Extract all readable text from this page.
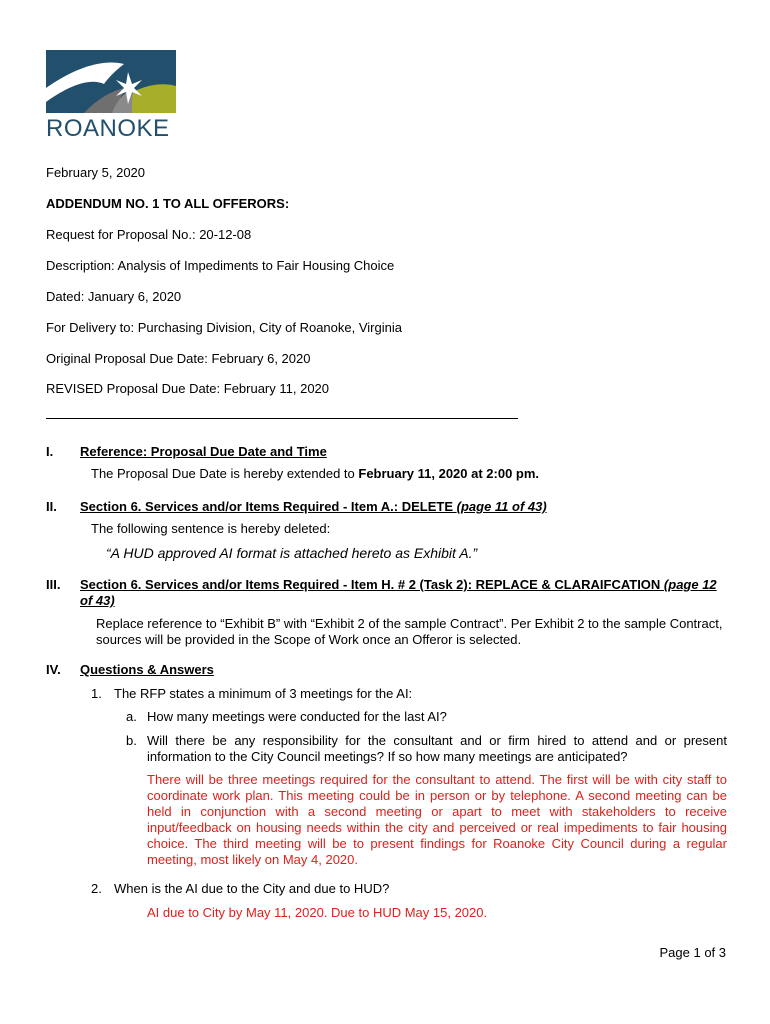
ROANOKE
February 5, 2020
ADDENDUM NO. 1 TO ALL OFFERORS:
Request for Proposal No.: 20-12-08
Description: Analysis of Impediments to Fair Housing Choice
Dated: January 6, 2020
For Delivery to: Purchasing Division, City of Roanoke, Virginia
Original Proposal Due Date: February 6, 2020
REVISED Proposal Due Date: February 11, 2020
I. Reference: Proposal Due Date and Time
The Proposal Due Date is hereby extended to February 11, 2020 at 2:00 pm.
II. Section 6. Services and/or Items Required - Item A.: DELETE (page 11 of 43)
The following sentence is hereby deleted:
“A HUD approved AI format is attached hereto as Exhibit A.”
III. Section 6. Services and/or Items Required - Item H. # 2 (Task 2): REPLACE & CLARAIFCATION (page 12 of 43)
Replace reference to “Exhibit B” with “Exhibit 2 of the sample Contract”. Per Exhibit 2 to the sample Contract, sources will be provided in the Scope of Work once an Offeror is selected.
IV. Questions & Answers
1. The RFP states a minimum of 3 meetings for the AI:
a. How many meetings were conducted for the last AI?
b. Will there be any responsibility for the consultant and or firm hired to attend and or present information to the City Council meetings? If so how many meetings are anticipated?
There will be three meetings required for the consultant to attend. The first will be with city staff to coordinate work plan. This meeting could be in person or by telephone. A second meeting can be held in conjunction with a second meeting or apart to meet with stakeholders to receive input/feedback on housing needs within the city and perceived or real impediments to fair housing choice. The third meeting will be to present findings for Roanoke City Council during a regular meeting, most likely on May 4, 2020.
2. When is the AI due to the City and due to HUD?
AI due to City by May 11, 2020. Due to HUD May 15, 2020.
Page 1 of 3
